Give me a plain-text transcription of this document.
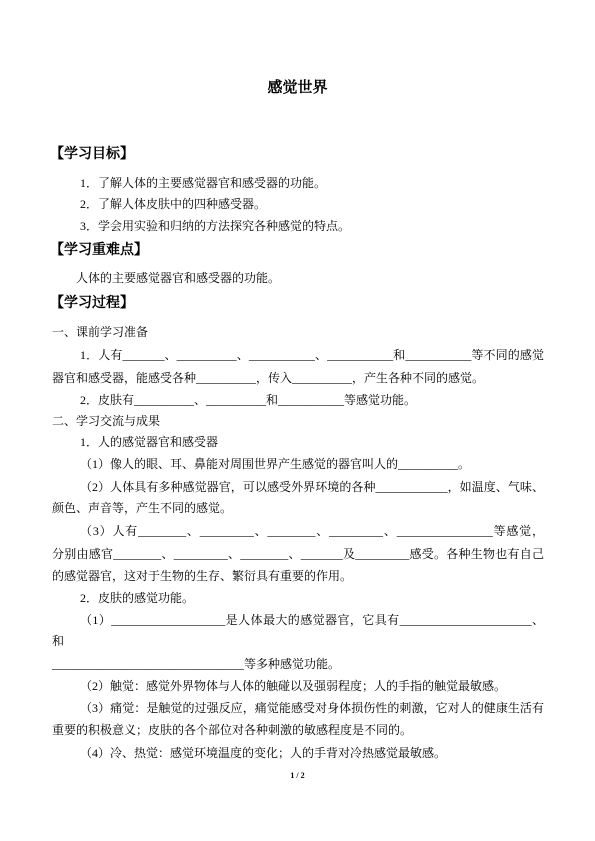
感觉世界
【学习目标】
1．了解人体的主要感觉器官和感受器的功能。
2．了解人体皮肤中的四种感受器。
3．学会用实验和归纳的方法探究各种感觉的特点。
【学习重难点】
人体的主要感觉器官和感受器的功能。
【学习过程】
一、课前学习准备
1．人有_______、__________、___________、___________和___________等不同的感觉
器官和感受器，能感受各种__________，传入__________，产生各种不同的感觉。
2．皮肤有__________、__________和___________等感觉功能。
二、学习交流与成果
1．人的感觉器官和感受器
（1）像人的眼、耳、鼻能对周围世界产生感觉的器官叫人的__________。
（2）人体具有多种感觉器官，可以感受外界环境的各种____________，如温度、气味、
颜色、声音等，产生不同的感觉。
（3）人有________、_________、________、_________、________________等感觉，
分别由感官________、_________、________、_______及_________感受。各种生物也有自己
的感觉器官，这对于生物的生存、繁衍具有重要的作用。
2．皮肤的感觉功能。
（1）___________________是人体最大的感觉器官，它具有______________________、
和
________________________________等多种感觉功能。
（2）触觉：感觉外界物体与人体的触碰以及强弱程度；人的手指的触觉最敏感。
（3）痛觉：是触觉的过强反应，痛觉能感受对身体损伤性的刺激，它对人的健康生活有
重要的积极意义；皮肤的各个部位对各种刺激的敏感程度是不同的。
（4）冷、热觉：感觉环境温度的变化；人的手背对冷热感觉最敏感。
1 / 2
